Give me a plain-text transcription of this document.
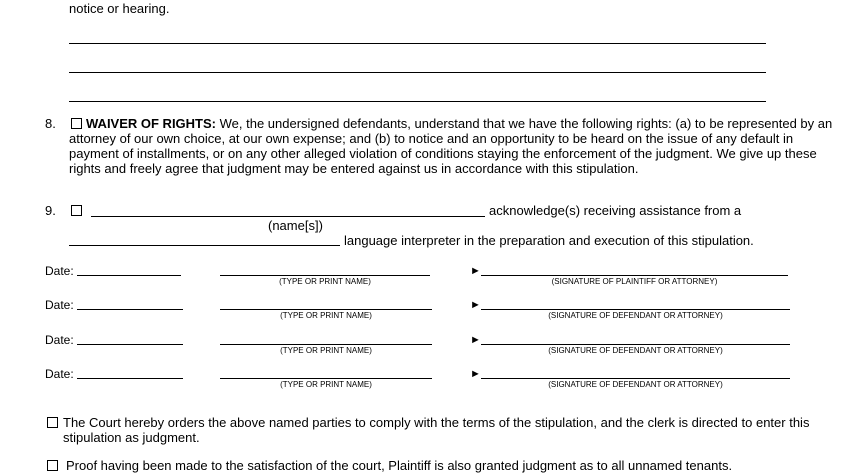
notice or hearing.
8. WAIVER OF RIGHTS: We, the undersigned defendants, understand that we have the following rights: (a) to be represented by an
attorney of our own choice, at our own expense; and (b) to notice and an opportunity to be heard on the issue of any default in
payment of installments, or on any other alleged violation of conditions staying the enforcement of the judgment. We give up these
rights and freely agree that judgment may be entered against us in accordance with this stipulation.
9.	acknowledge(s) receiving assistance from a
(name[s])
language interpreter in the preparation and execution of this stipulation.
Date:
(TYPE OR PRINT NAME)
►
(SIGNATURE OF PLAINTIFF OR ATTORNEY)
Date:
(TYPE OR PRINT NAME)
►
(SIGNATURE OF DEFENDANT OR ATTORNEY)
Date:
(TYPE OR PRINT NAME)
►
(SIGNATURE OF DEFENDANT OR ATTORNEY)
Date:
(TYPE OR PRINT NAME)
►
(SIGNATURE OF DEFENDANT OR ATTORNEY)
The Court hereby orders the above named parties to comply with the terms of the stipulation, and the clerk is directed to enter this
stipulation as judgment.
Proof having been made to the satisfaction of the court, Plaintiff is also granted judgment as to all unnamed tenants.
